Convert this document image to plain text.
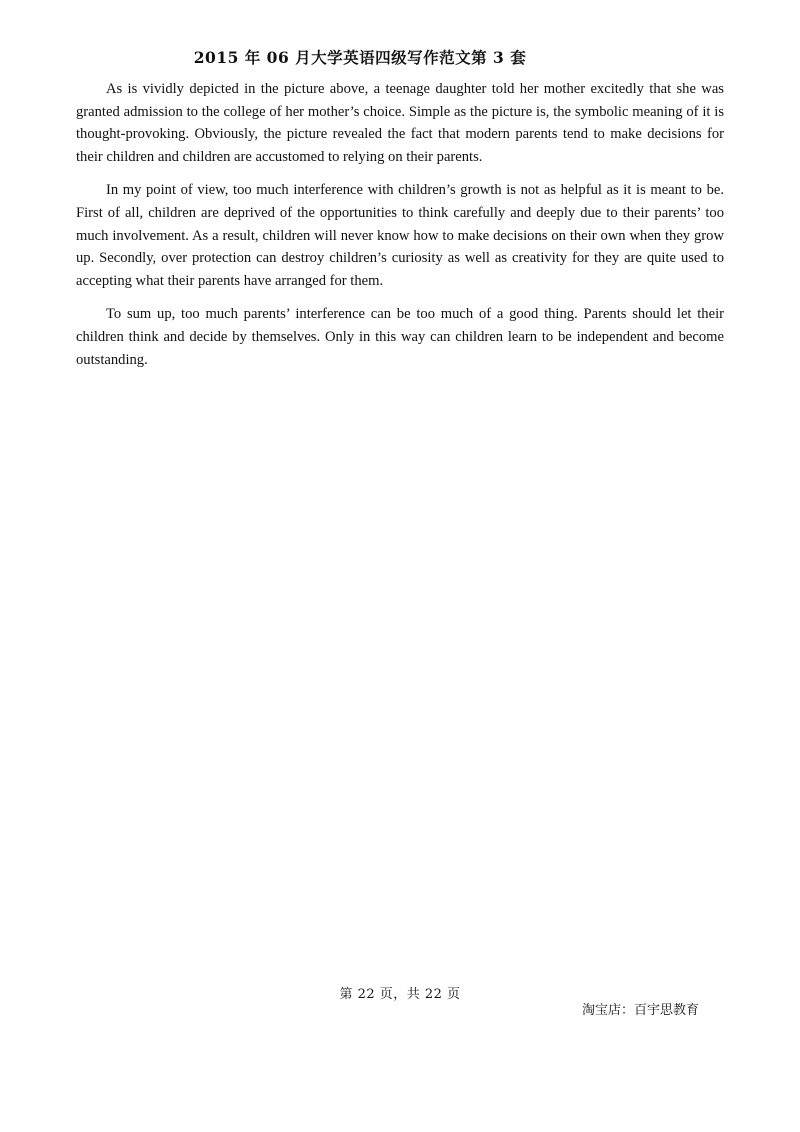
2015 年 06 月大学英语四级写作范文第 3 套

As is vividly depicted in the picture above, a teenage daughter told her mother excitedly that she was granted admission to the college of her mother’s choice. Simple as the picture is, the symbolic meaning of it is thought-provoking. Obviously, the picture revealed the fact that modern parents tend to make decisions for their children and children are accustomed to relying on their parents.

In my point of view, too much interference with children’s growth is not as helpful as it is meant to be. First of all, children are deprived of the opportunities to think carefully and deeply due to their parents’ too much involvement. As a result, children will never know how to make decisions on their own when they grow up. Secondly, over protection can destroy children’s curiosity as well as creativity for they are quite used to accepting what their parents have arranged for them.

To sum up, too much parents’ interference can be too much of a good thing. Parents should let their children think and decide by themselves. Only in this way can children learn to be independent and become outstanding.

第 22 页，共 22 页
淘宝店：百宇思教育
